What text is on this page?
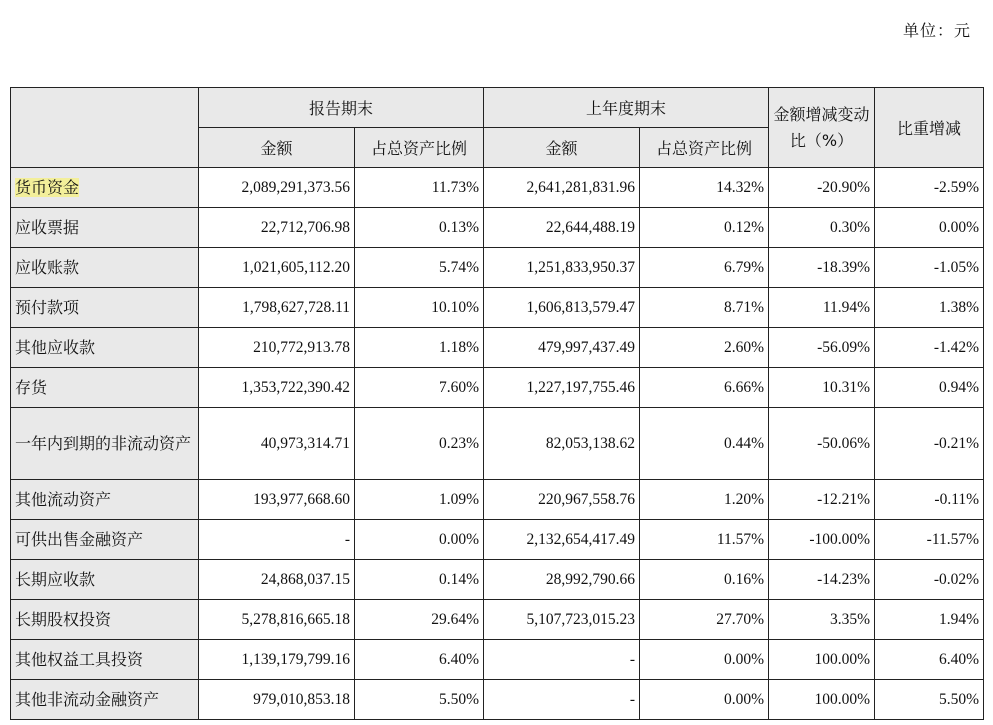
单位：元
	报告期末		上年度期末		金额增减变动比（%）	比重增减
	金额	占总资产比例	金额	占总资产比例		
货币资金	2,089,291,373.56	11.73%	2,641,281,831.96	14.32%	-20.90%	-2.59%
应收票据	22,712,706.98	0.13%	22,644,488.19	0.12%	0.30%	0.00%
应收账款	1,021,605,112.20	5.74%	1,251,833,950.37	6.79%	-18.39%	-1.05%
预付款项	1,798,627,728.11	10.10%	1,606,813,579.47	8.71%	11.94%	1.38%
其他应收款	210,772,913.78	1.18%	479,997,437.49	2.60%	-56.09%	-1.42%
存货	1,353,722,390.42	7.60%	1,227,197,755.46	6.66%	10.31%	0.94%
一年内到期的非流动资产	40,973,314.71	0.23%	82,053,138.62	0.44%	-50.06%	-0.21%
其他流动资产	193,977,668.60	1.09%	220,967,558.76	1.20%	-12.21%	-0.11%
可供出售金融资产	-	0.00%	2,132,654,417.49	11.57%	-100.00%	-11.57%
长期应收款	24,868,037.15	0.14%	28,992,790.66	0.16%	-14.23%	-0.02%
长期股权投资	5,278,816,665.18	29.64%	5,107,723,015.23	27.70%	3.35%	1.94%
其他权益工具投资	1,139,179,799.16	6.40%	-	0.00%	100.00%	6.40%
其他非流动金融资产	979,010,853.18	5.50%	-	0.00%	100.00%	5.50%
